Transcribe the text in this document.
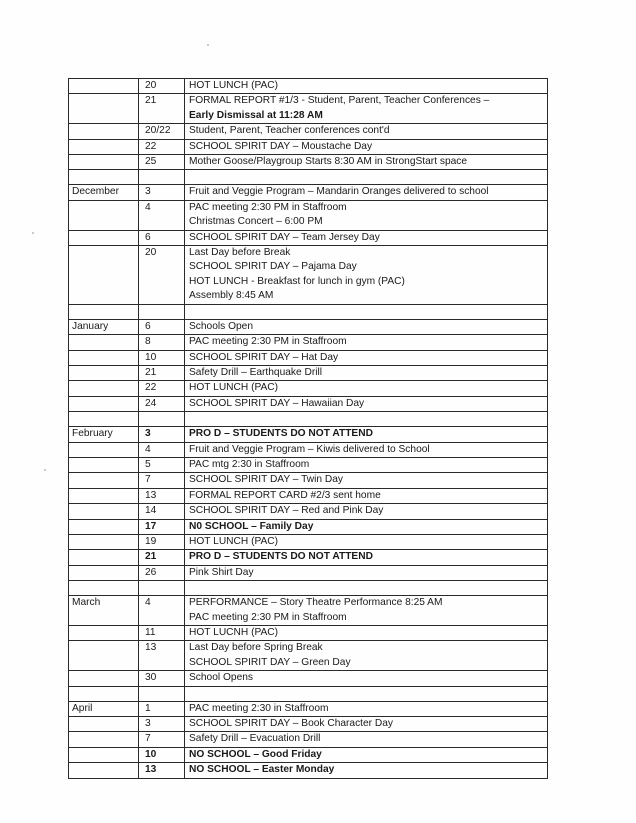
	20	HOT LUNCH (PAC)

	21	FORMAL REPORT #1/3 - Student, Parent, Teacher Conferences –
Early Dismissal at 11:28 AM

	20/22	Student, Parent, Teacher conferences cont'd

	22	SCHOOL SPIRIT DAY – Moustache Day

	25	Mother Goose/Playgroup Starts 8:30 AM in StrongStart space

December	3	Fruit and Veggie Program – Mandarin Oranges delivered to school

	4	PAC meeting 2:30 PM in Staffroom
Christmas Concert – 6:00 PM

	6	SCHOOL SPIRIT DAY – Team Jersey Day

	20	Last Day before Break
SCHOOL SPIRIT DAY – Pajama Day
HOT LUNCH - Breakfast for lunch in gym (PAC)
Assembly 8:45 AM

January	6	Schools Open

	8	PAC meeting 2:30 PM in Staffroom

	10	SCHOOL SPIRIT DAY – Hat Day

	21	Safety Drill – Earthquake Drill

	22	HOT LUNCH (PAC)

	24	SCHOOL SPIRIT DAY – Hawaiian Day

February	3	PRO D – STUDENTS DO NOT ATTEND

	4	Fruit and Veggie Program – Kiwis delivered to School

	5	PAC mtg 2:30 in Staffroom

	7	SCHOOL SPIRIT DAY – Twin Day

	13	FORMAL REPORT CARD #2/3 sent home

	14	SCHOOL SPIRIT DAY – Red and Pink Day

	17	N0 SCHOOL – Family Day

	19	HOT LUNCH (PAC)

	21	PRO D – STUDENTS DO NOT ATTEND

	26	Pink Shirt Day

March	4	PERFORMANCE – Story Theatre Performance 8:25 AM
PAC meeting 2:30 PM in Staffroom

	11	HOT LUCNH (PAC)

	13	Last Day before Spring Break
SCHOOL SPIRIT DAY – Green Day

	30	School Opens

April	1	PAC meeting 2:30 in Staffroom

	3	SCHOOL SPIRIT DAY – Book Character Day

	7	Safety Drill – Evacuation Drill

	10	NO SCHOOL – Good Friday

	13	NO SCHOOL – Easter Monday
